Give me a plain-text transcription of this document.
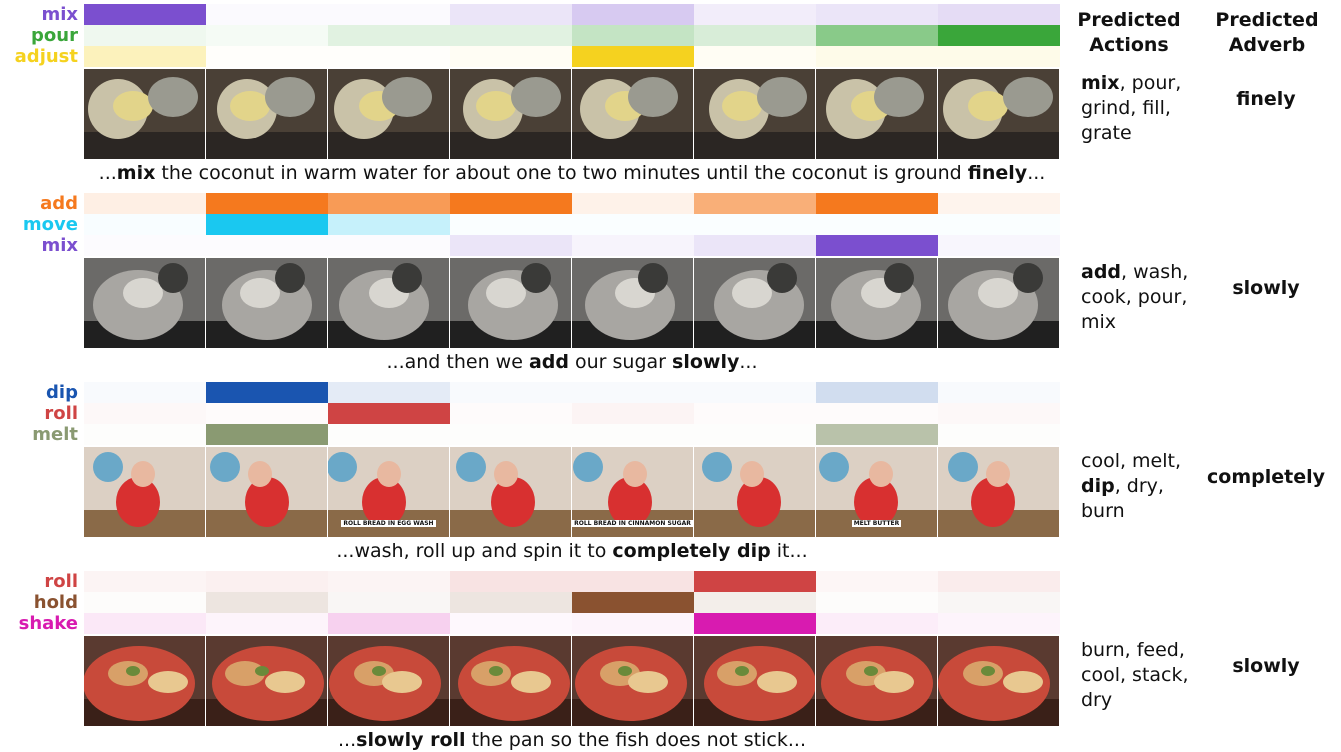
Predicted
Actions
Predicted
Adverb
mix
pour
adjust
...mix the coconut in warm water for about one to two minutes until the coconut is ground finely...
mix, pour, grind, fill, grate
finely
add
move
mix
...and then we add our sugar slowly...
add, wash, cook, pour, mix
slowly
dip
roll
melt
ROLL BREAD IN EGG WASH	ROLL BREAD IN CINNAMON SUGAR	MELT BUTTER
...wash, roll up and spin it to completely dip it...
cool, melt, dip, dry, burn
completely
roll
hold
shake
...slowly roll the pan so the fish does not stick...
burn, feed, cool, stack, dry
slowly
